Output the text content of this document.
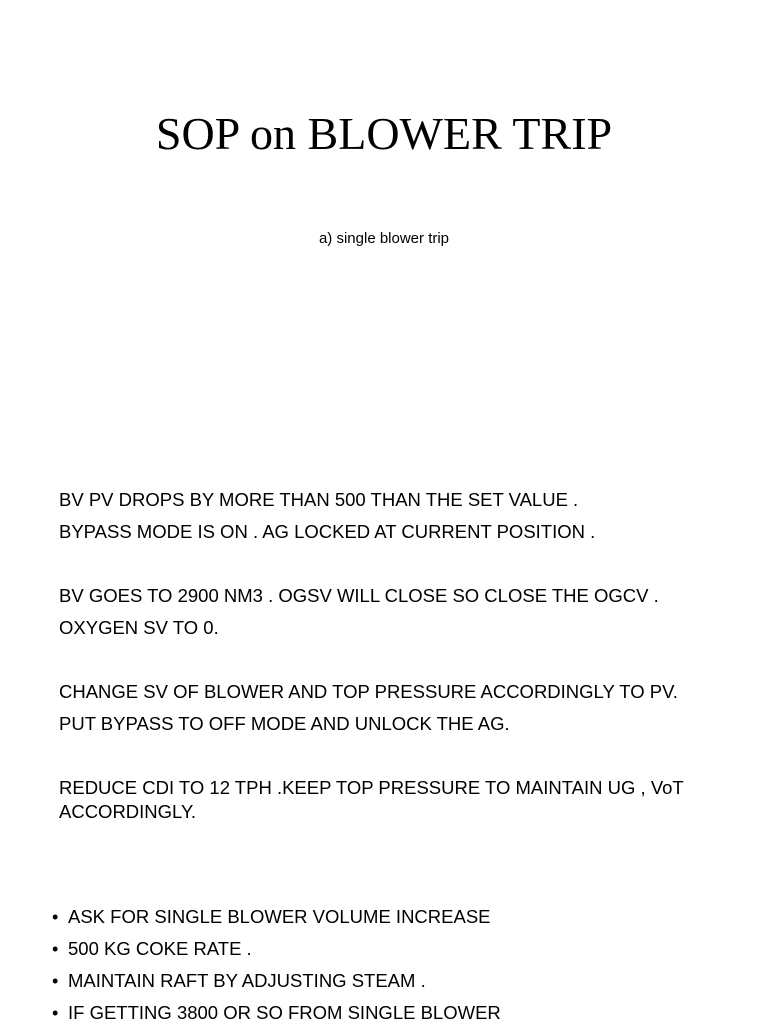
SOP on BLOWER TRIP
a) single blower trip

BV PV DROPS BY MORE THAN 500 THAN THE SET VALUE .

BYPASS MODE IS ON . AG LOCKED AT CURRENT POSITION .

BV GOES TO 2900 NM3 . OGSV WILL CLOSE SO CLOSE THE OGCV .

OXYGEN SV TO 0.

CHANGE SV OF BLOWER AND TOP PRESSURE ACCORDINGLY TO PV.

PUT BYPASS TO OFF MODE AND UNLOCK THE AG.

REDUCE CDI TO 12 TPH .KEEP TOP PRESSURE TO MAINTAIN UG , VoT ACCORDINGLY.

• ASK FOR SINGLE BLOWER VOLUME INCREASE
• 500 KG COKE RATE .
• MAINTAIN RAFT BY ADJUSTING STEAM .
• IF GETTING 3800 OR SO FROM SINGLE BLOWER
